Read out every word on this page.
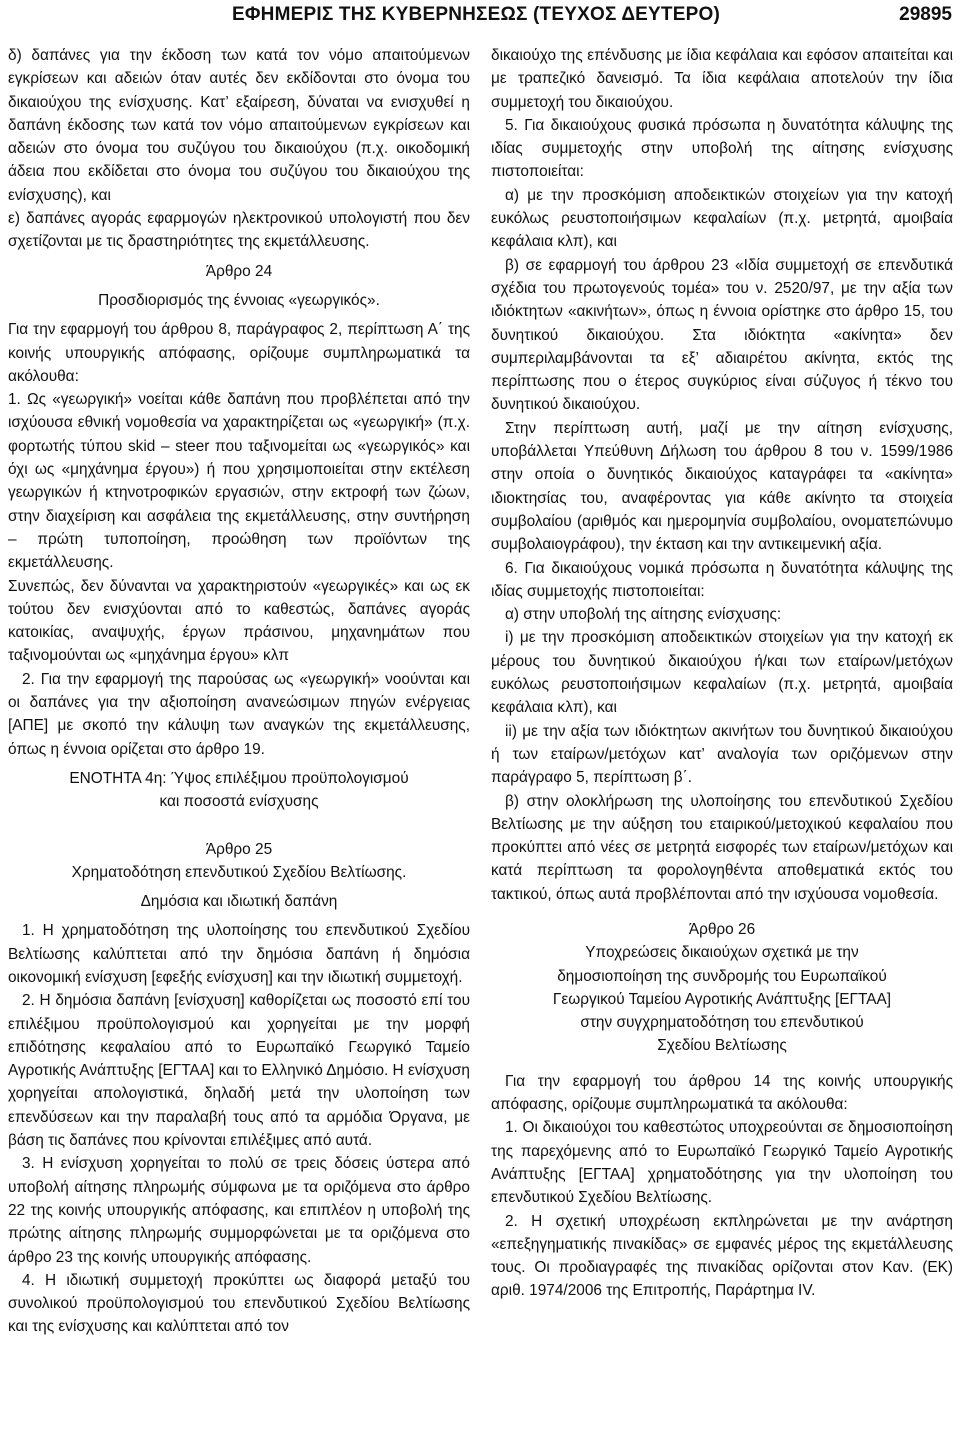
ΕΦΗΜΕΡΙΣ ΤΗΣ ΚΥΒΕΡΝΗΣΕΩΣ (ΤΕΥΧΟΣ ΔΕΥΤΕΡΟ)	29895

δ) δαπάνες για την έκδοση των κατά τον νόμο απαιτούμενων εγκρίσεων και αδειών όταν αυτές δεν εκδίδονται στο όνομα του δικαιούχου της ενίσχυσης. Κατ’ εξαίρεση, δύναται να ενισχυθεί η δαπάνη έκδοσης των κατά τον νόμο απαιτούμενων εγκρίσεων και αδειών στο όνομα του συζύγου του δικαιούχου (π.χ. οικοδομική άδεια που εκδίδεται στο όνομα του συζύγου του δικαιούχου της ενίσχυσης), και

ε) δαπάνες αγοράς εφαρμογών ηλεκτρονικού υπολογιστή που δεν σχετίζονται με τις δραστηριότητες της εκμετάλλευσης.

Άρθρο 24

Προσδιορισμός της έννοιας «γεωργικός».

Για την εφαρμογή του άρθρου 8, παράγραφος 2, περίπτωση Α΄ της κοινής υπουργικής απόφασης, ορίζουμε συμπληρωματικά τα ακόλουθα:

1. Ως «γεωργική» νοείται κάθε δαπάνη που προβλέπεται από την ισχύουσα εθνική νομοθεσία να χαρακτηρίζεται ως «γεωργική» (π.χ. φορτωτής τύπου skid – steer που ταξινομείται ως «γεωργικός» και όχι ως «μηχάνημα έργου») ή που χρησιμοποιείται στην εκτέλεση γεωργικών ή κτηνοτροφικών εργασιών, στην εκτροφή των ζώων, στην διαχείριση και ασφάλεια της εκμετάλλευσης, στην συντήρηση – πρώτη τυποποίηση, προώθηση των προϊόντων της εκμετάλλευσης.

Συνεπώς, δεν δύνανται να χαρακτηριστούν «γεωργικές» και ως εκ τούτου δεν ενισχύονται από το καθεστώς, δαπάνες αγοράς κατοικίας, αναψυχής, έργων πράσινου, μηχανημάτων που ταξινομούνται ως «μηχάνημα έργου» κλπ

2. Για την εφαρμογή της παρούσας ως «γεωργική» νοούνται και οι δαπάνες για την αξιοποίηση ανανεώσιμων πηγών ενέργειας [ΑΠΕ] με σκοπό την κάλυψη των αναγκών της εκμετάλλευσης, όπως η έννοια ορίζεται στο άρθρο 19.

ΕΝΟΤΗΤΑ 4η: Ύψος επιλέξιμου προϋπολογισμού

και ποσοστά ενίσχυσης

Άρθρο 25

Χρηματοδότηση επενδυτικού Σχεδίου Βελτίωσης.

Δημόσια και ιδιωτική δαπάνη

1. Η χρηματοδότηση της υλοποίησης του επενδυτικού Σχεδίου Βελτίωσης καλύπτεται από την δημόσια δαπάνη ή δημόσια οικονομική ενίσχυση [εφεξής ενίσχυση] και την ιδιωτική συμμετοχή.

2. Η δημόσια δαπάνη [ενίσχυση] καθορίζεται ως ποσοστό επί του επιλέξιμου προϋπολογισμού και χορηγείται με την μορφή επιδότησης κεφαλαίου από το Ευρωπαϊκό Γεωργικό Ταμείο Αγροτικής Ανάπτυξης [ΕΓΤΑΑ] και το Ελληνικό Δημόσιο. Η ενίσχυση χορηγείται απολογιστικά, δηλαδή μετά την υλοποίηση των επενδύσεων και την παραλαβή τους από τα αρμόδια Όργανα, με βάση τις δαπάνες που κρίνονται επιλέξιμες από αυτά.

3. Η ενίσχυση χορηγείται το πολύ σε τρεις δόσεις ύστερα από υποβολή αίτησης πληρωμής σύμφωνα με τα οριζόμενα στο άρθρο 22 της κοινής υπουργικής απόφασης, και επιπλέον η υποβολή της πρώτης αίτησης πληρωμής συμμορφώνεται με τα οριζόμενα στο άρθρο 23 της κοινής υπουργικής απόφασης.

4. Η ιδιωτική συμμετοχή προκύπτει ως διαφορά μεταξύ του συνολικού προϋπολογισμού του επενδυτικού Σχεδίου Βελτίωσης και της ενίσχυσης και καλύπτεται από τον

δικαιούχο της επένδυσης με ίδια κεφάλαια και εφόσον απαιτείται και με τραπεζικό δανεισμό. Τα ίδια κεφάλαια αποτελούν την ίδια συμμετοχή του δικαιούχου.

5. Για δικαιούχους φυσικά πρόσωπα η δυνατότητα κάλυψης της ιδίας συμμετοχής στην υποβολή της αίτησης ενίσχυσης πιστοποιείται:

α) με την προσκόμιση αποδεικτικών στοιχείων για την κατοχή ευκόλως ρευστοποιήσιμων κεφαλαίων (π.χ. μετρητά, αμοιβαία κεφάλαια κλπ), και

β) σε εφαρμογή του άρθρου 23 «Ιδία συμμετοχή σε επενδυτικά σχέδια του πρωτογενούς τομέα» του ν. 2520/97, με την αξία των ιδιόκτητων «ακινήτων», όπως η έννοια ορίστηκε στο άρθρο 15, του δυνητικού δικαιούχου. Στα ιδιόκτητα «ακίνητα» δεν συμπεριλαμβάνονται τα εξ’ αδιαιρέτου ακίνητα, εκτός της περίπτωσης που ο έτερος συγκύριος είναι σύζυγος ή τέκνο του δυνητικού δικαιούχου.

Στην περίπτωση αυτή, μαζί με την αίτηση ενίσχυσης, υποβάλλεται Υπεύθυνη Δήλωση του άρθρου 8 του ν. 1599/1986 στην οποία ο δυνητικός δικαιούχος καταγράφει τα «ακίνητα» ιδιοκτησίας του, αναφέροντας για κάθε ακίνητο τα στοιχεία συμβολαίου (αριθμός και ημερομηνία συμβολαίου, ονοματεπώνυμο συμβολαιογράφου), την έκταση και την αντικειμενική αξία.

6. Για δικαιούχους νομικά πρόσωπα η δυνατότητα κάλυψης της ιδίας συμμετοχής πιστοποιείται:

α) στην υποβολή της αίτησης ενίσχυσης:

i) με την προσκόμιση αποδεικτικών στοιχείων για την κατοχή εκ μέρους του δυνητικού δικαιούχου ή/και των εταίρων/μετόχων ευκόλως ρευστοποιήσιμων κεφαλαίων (π.χ. μετρητά, αμοιβαία κεφάλαια κλπ), και

ii) με την αξία των ιδιόκτητων ακινήτων του δυνητικού δικαιούχου ή των εταίρων/μετόχων κατ’ αναλογία των οριζόμενων στην παράγραφο 5, περίπτωση β΄.

β) στην ολοκλήρωση της υλοποίησης του επενδυτικού Σχεδίου Βελτίωσης με την αύξηση του εταιρικού/μετοχικού κεφαλαίου που προκύπτει από νέες σε μετρητά εισφορές των εταίρων/μετόχων και κατά περίπτωση τα φορολογηθέντα αποθεματικά εκτός του τακτικού, όπως αυτά προβλέπονται από την ισχύουσα νομοθεσία.

Άρθρο 26

Υποχρεώσεις δικαιούχων σχετικά με την

δημοσιοποίηση της συνδρομής του Ευρωπαϊκού

Γεωργικού Ταμείου Αγροτικής Ανάπτυξης [ΕΓΤΑΑ]

στην συγχρηματοδότηση του επενδυτικού

Σχεδίου Βελτίωσης

Για την εφαρμογή του άρθρου 14 της κοινής υπουργικής απόφασης, ορίζουμε συμπληρωματικά τα ακόλουθα:

1. Οι δικαιούχοι του καθεστώτος υποχρεούνται σε δημοσιοποίηση της παρεχόμενης από το Ευρωπαϊκό Γεωργικό Ταμείο Αγροτικής Ανάπτυξης [ΕΓΤΑΑ] χρηματοδότησης για την υλοποίηση του επενδυτικού Σχεδίου Βελτίωσης.

2. Η σχετική υποχρέωση εκπληρώνεται με την ανάρτηση «επεξηγηματικής πινακίδας» σε εμφανές μέρος της εκμετάλλευσης τους. Οι προδιαγραφές της πινακίδας ορίζονται στον Καν. (ΕΚ) αριθ. 1974/2006 της Επιτροπής, Παράρτημα IV.
